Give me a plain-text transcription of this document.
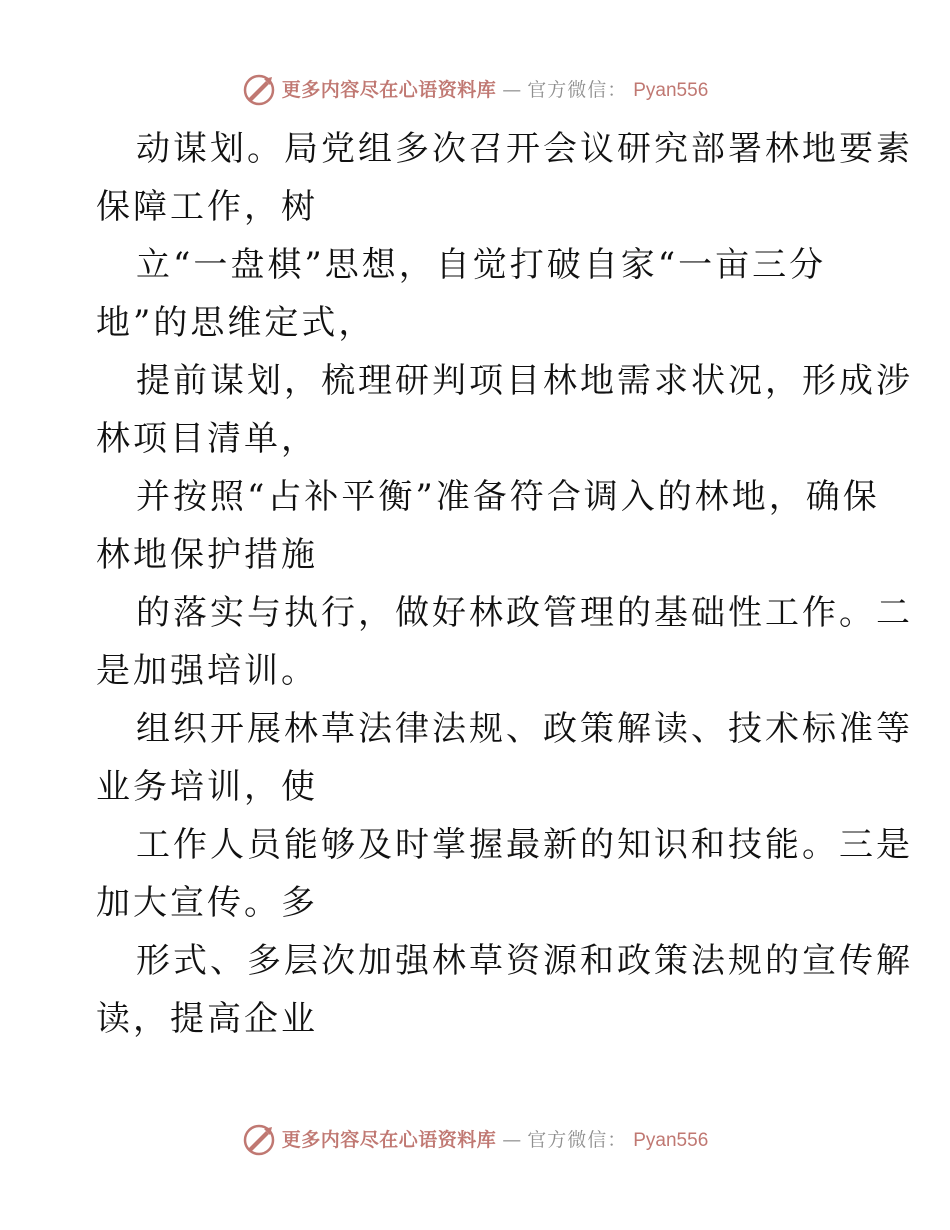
更多内容尽在心语资料库 — 官方微信： Pyan556
动谋划。局党组多次召开会议研究部署林地要素
保障工作，树
立“一盘棋”思想，自觉打破自家“一亩三分
地”的思维定式，
提前谋划，梳理研判项目林地需求状况，形成涉
林项目清单，
并按照“占补平衡”准备符合调入的林地，确保
林地保护措施
的落实与执行，做好林政管理的基础性工作。二
是加强培训。
组织开展林草法律法规、政策解读、技术标准等
业务培训，使
工作人员能够及时掌握最新的知识和技能。三是
加大宣传。多
形式、多层次加强林草资源和政策法规的宣传解
读，提高企业
更多内容尽在心语资料库 — 官方微信： Pyan556
